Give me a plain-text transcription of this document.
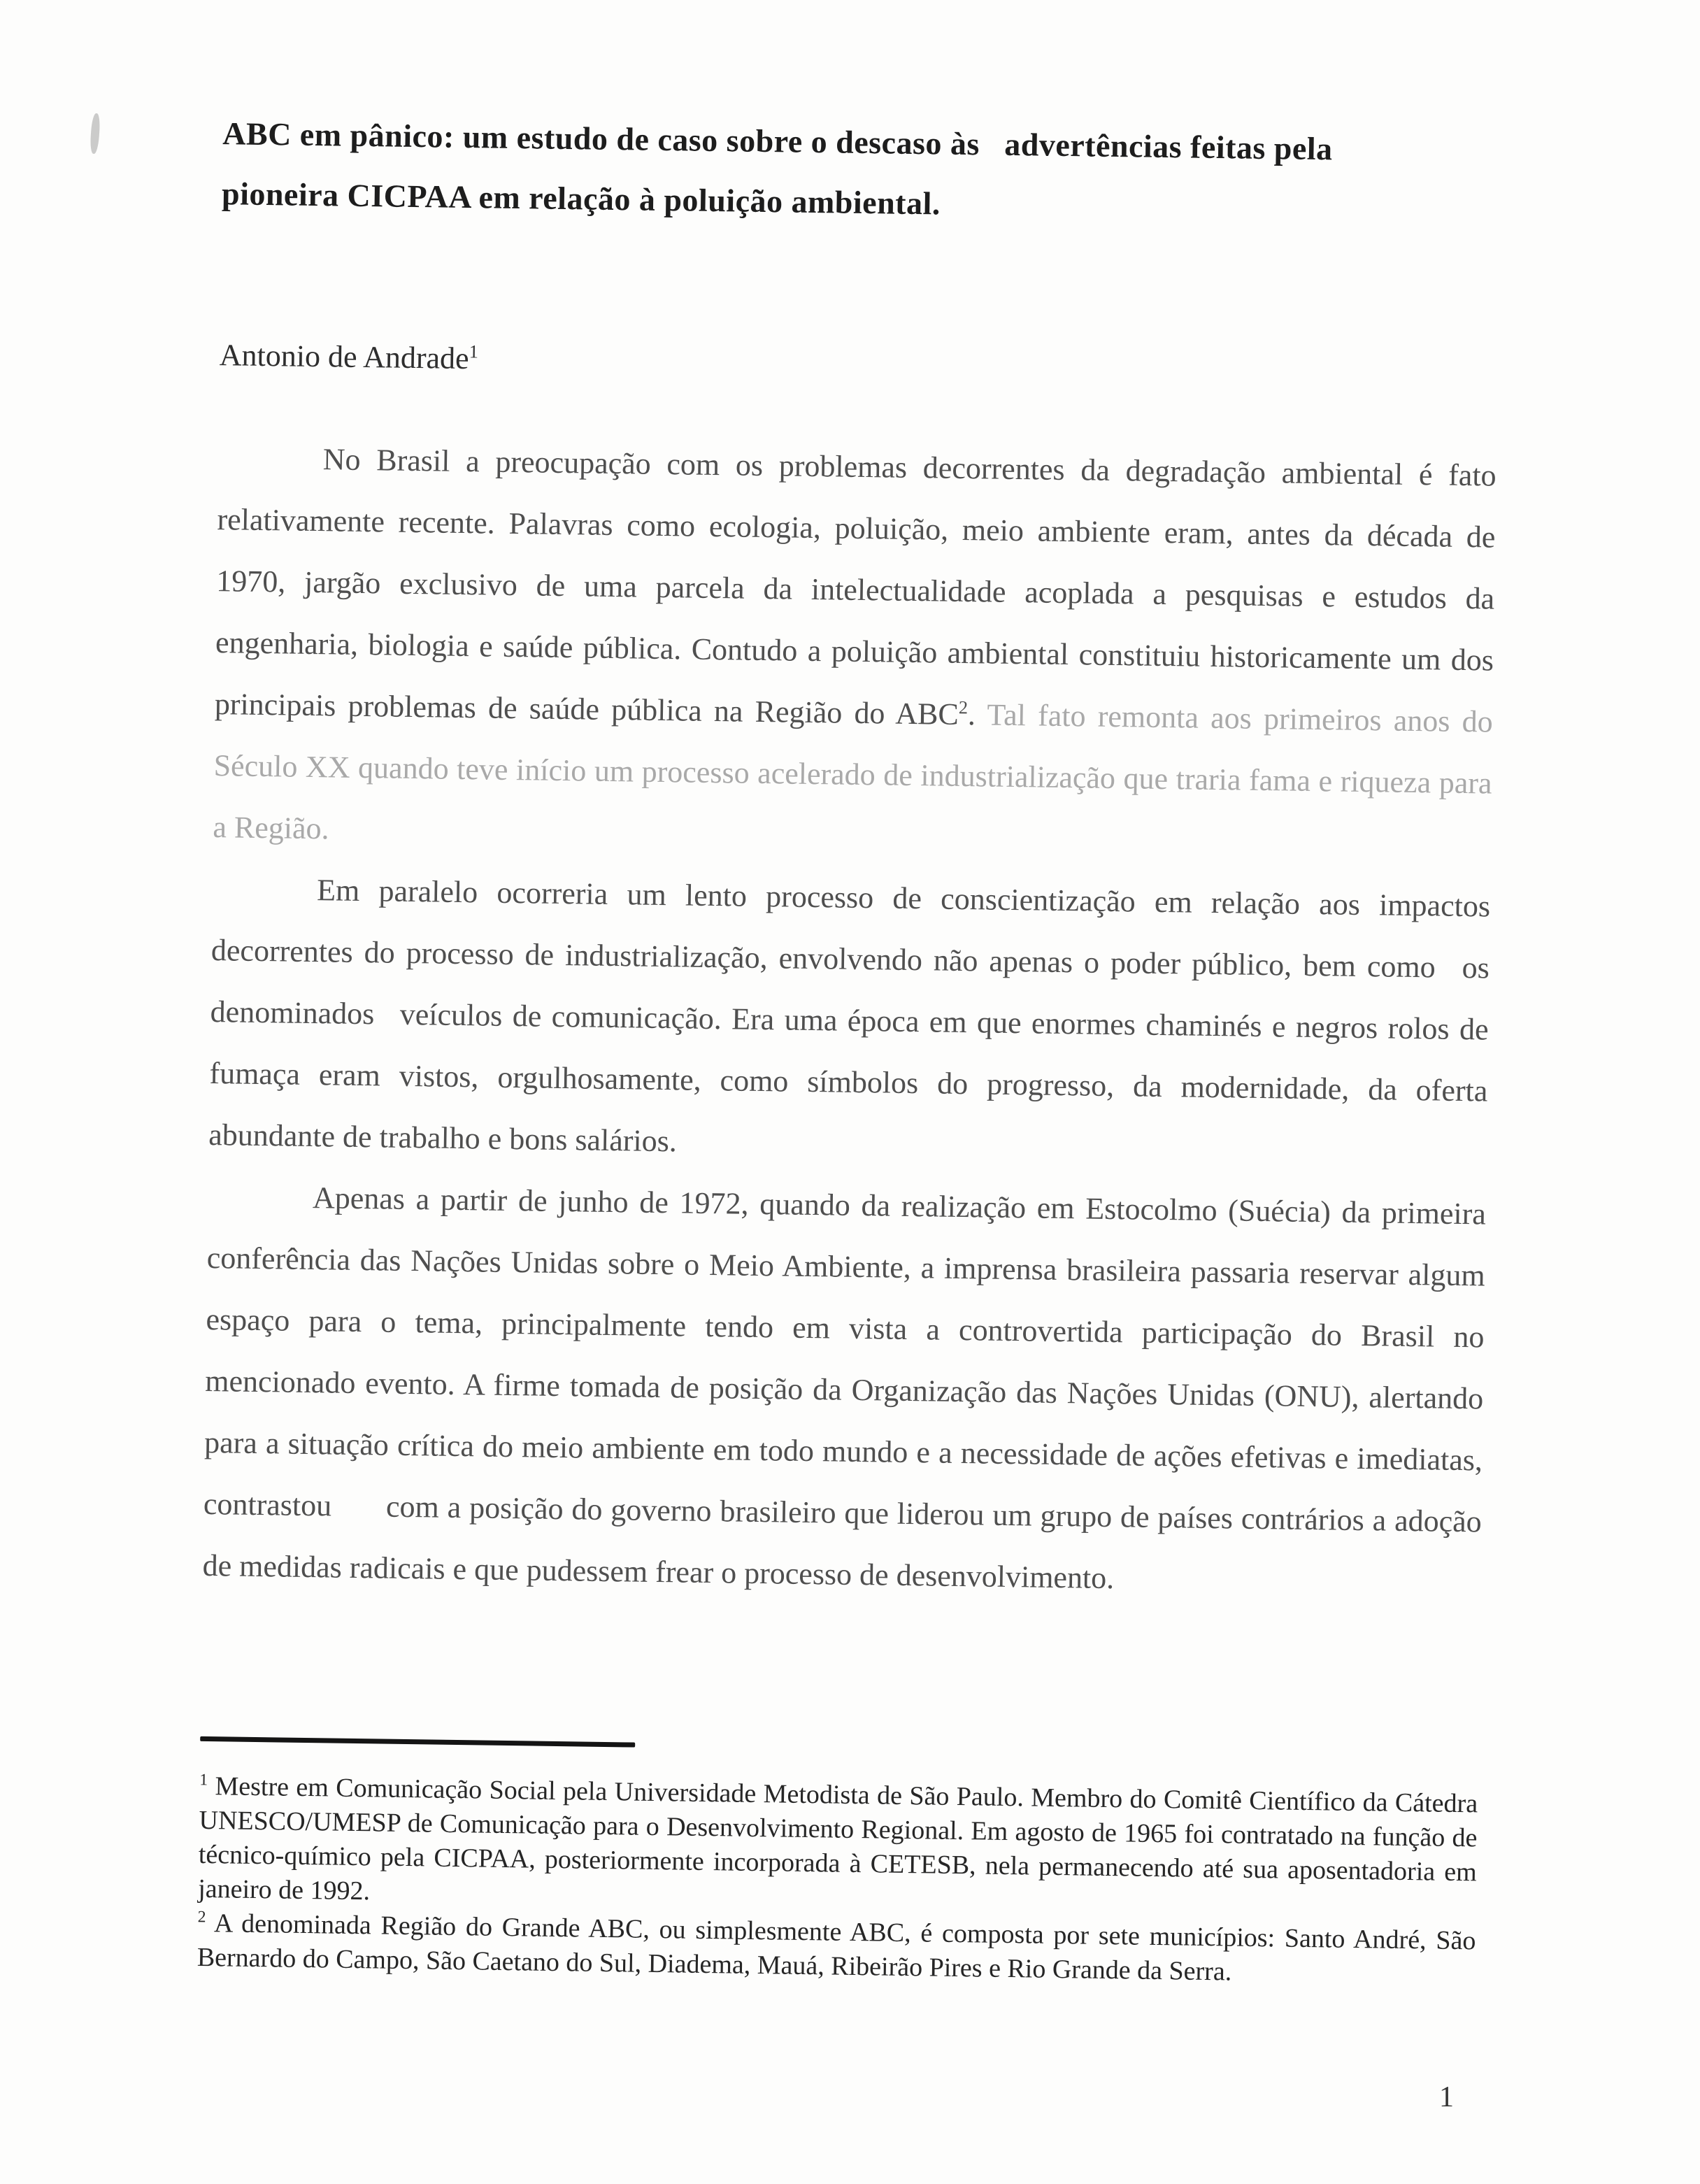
ABC em pânico: um estudo de caso sobre o descaso às  advertências feitas pela
pioneira CICPAA em relação à poluição ambiental.
Antonio de Andrade$^1$

No Brasil a preocupação com os problemas decorrentes da degradação ambiental é fato relativamente recente. Palavras como ecologia, poluição, meio ambiente eram, antes da década de 1970, jargão exclusivo de uma parcela da intelectualidade acoplada a pesquisas e estudos da engenharia, biologia e saúde pública. Contudo a poluição ambiental constituiu historicamente um dos principais problemas de saúde pública na Região do ABC$^2$. Tal fato remonta aos primeiros anos do Século XX quando teve início um processo acelerado de industrialização que traria fama e riqueza para a Região.

Em paralelo ocorreria um lento processo de conscientização em relação aos impactos decorrentes do processo de industrialização, envolvendo não apenas o poder público, bem como  os denominados  veículos de comunicação. Era uma época em que enormes chaminés e negros rolos de fumaça eram vistos, orgulhosamente, como símbolos do progresso, da modernidade, da oferta abundante de trabalho e bons salários.

Apenas a partir de junho de 1972, quando da realização em Estocolmo (Suécia) da primeira conferência das Nações Unidas sobre o Meio Ambiente, a imprensa brasileira passaria reservar algum espaço para o tema, principalmente tendo em vista a controvertida participação do Brasil no mencionado evento. A firme tomada de posição da Organização das Nações Unidas (ONU), alertando para a situação crítica do meio ambiente em todo mundo e a necessidade de ações efetivas e imediatas, contrastou   com a posição do governo brasileiro que liderou um grupo de países contrários a adoção de medidas radicais e que pudessem frear o processo de desenvolvimento.

$^1$ Mestre em Comunicação Social pela Universidade Metodista de São Paulo. Membro do Comitê Científico da Cátedra UNESCO/UMESP de Comunicação para o Desenvolvimento Regional. Em agosto de 1965 foi contratado na função de técnico-químico pela CICPAA, posteriormente incorporada à CETESB, nela permanecendo até sua aposentadoria em janeiro de 1992.
$^2$ A denominada Região do Grande ABC, ou simplesmente ABC, é composta por sete municípios: Santo André, São Bernardo do Campo, São Caetano do Sul, Diadema, Mauá, Ribeirão Pires e Rio Grande da Serra.
1
